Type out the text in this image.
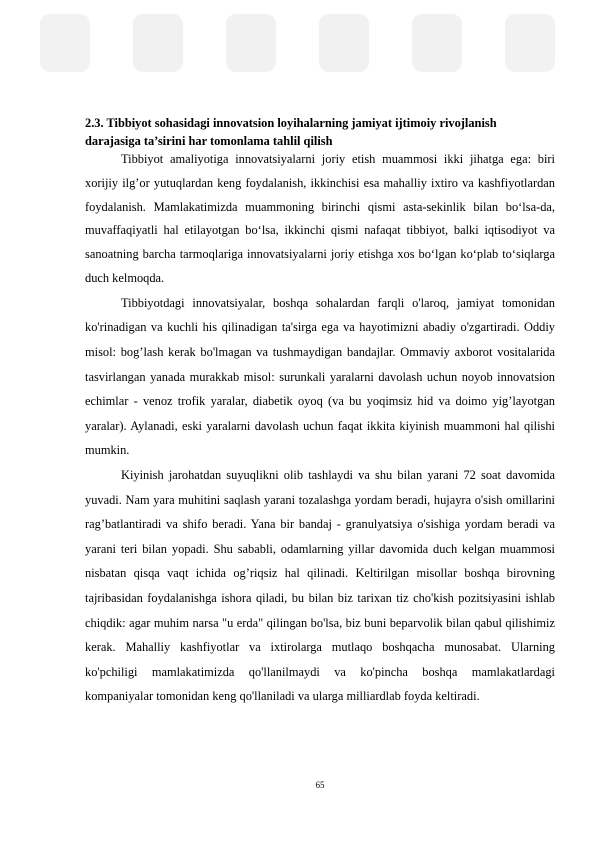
2.3. Tibbiyot sohasidagi innovatsion loyihalarning jamiyat ijtimoiy rivojlanish darajasiga ta’sirini har tomonlama tahlil qilish

Tibbiyot amaliyotiga innovatsiyalarni joriy etish muammosi ikki jihatga ega: biri xorijiy ilg’or yutuqlardan keng foydalanish, ikkinchisi esa mahalliy ixtiro va kashfiyotlardan foydalanish. Mamlakatimizda muammoning birinchi qismi asta-sekinlik bilan bo‘lsa-da, muvaffaqiyatli hal etilayotgan bo‘lsa, ikkinchi qismi nafaqat tibbiyot, balki iqtisodiyot va sanoatning barcha tarmoqlariga innovatsiyalarni joriy etishga xos bo‘lgan ko‘plab to‘siqlarga duch kelmoqda.

Tibbiyotdagi innovatsiyalar, boshqa sohalardan farqli o'laroq, jamiyat tomonidan ko'rinadigan va kuchli his qilinadigan ta'sirga ega va hayotimizni abadiy o'zgartiradi. Oddiy misol: bog’lash kerak bo'lmagan va tushmaydigan bandajlar. Ommaviy axborot vositalarida tasvirlangan yanada murakkab misol: surunkali yaralarni davolash uchun noyob innovatsion echimlar - venoz trofik yaralar, diabetik oyoq (va bu yoqimsiz hid va doimo yig’layotgan yaralar). Aylanadi, eski yaralarni davolash uchun faqat ikkita kiyinish muammoni hal qilishi mumkin.

Kiyinish jarohatdan suyuqlikni olib tashlaydi va shu bilan yarani 72 soat davomida yuvadi. Nam yara muhitini saqlash yarani tozalashga yordam beradi, hujayra o'sish omillarini rag’batlantiradi va shifo beradi. Yana bir bandaj - granulyatsiya o'sishiga yordam beradi va yarani teri bilan yopadi. Shu sababli, odamlarning yillar davomida duch kelgan muammosi nisbatan qisqa vaqt ichida og’riqsiz hal qilinadi. Keltirilgan misollar boshqa birovning tajribasidan foydalanishga ishora qiladi, bu bilan biz tarixan tiz cho'kish pozitsiyasini ishlab chiqdik: agar muhim narsa "u erda" qilingan bo'lsa, biz buni beparvolik bilan qabul qilishimiz kerak. Mahalliy kashfiyotlar va ixtirolarga mutlaqo boshqacha munosabat. Ularning ko'pchiligi mamlakatimizda qo'llanilmaydi va ko'pincha boshqa mamlakatlardagi kompaniyalar tomonidan keng qo'llaniladi va ularga milliardlab foyda keltiradi.

65
